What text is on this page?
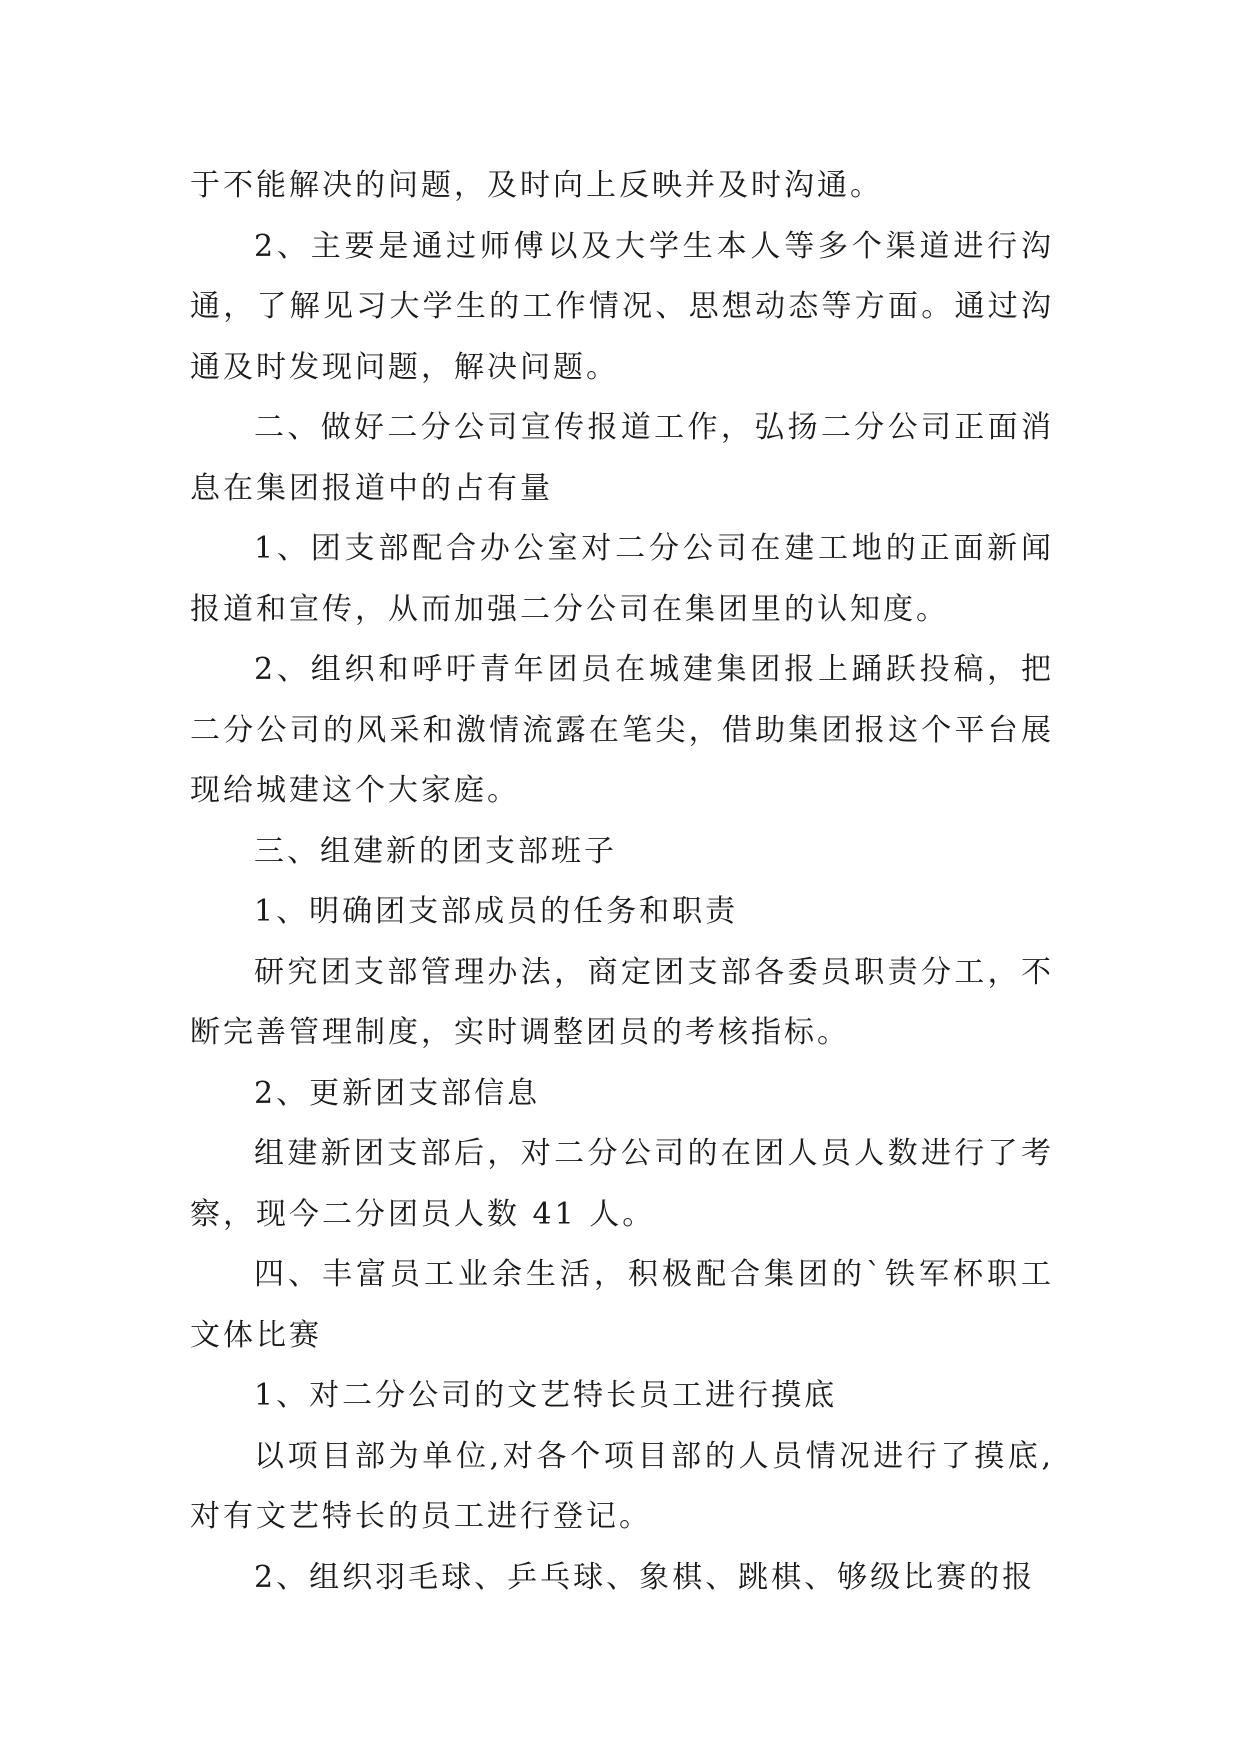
于不能解决的问题，及时向上反映并及时沟通。

2、主要是通过师傅以及大学生本人等多个渠道进行沟通，了解见习大学生的工作情况、思想动态等方面。通过沟通及时发现问题，解决问题。

二、做好二分公司宣传报道工作，弘扬二分公司正面消息在集团报道中的占有量

1、团支部配合办公室对二分公司在建工地的正面新闻报道和宣传，从而加强二分公司在集团里的认知度。

2、组织和呼吁青年团员在城建集团报上踊跃投稿，把二分公司的风采和激情流露在笔尖，借助集团报这个平台展现给城建这个大家庭。

三、组建新的团支部班子

1、明确团支部成员的任务和职责

研究团支部管理办法，商定团支部各委员职责分工，不断完善管理制度，实时调整团员的考核指标。

2、更新团支部信息

组建新团支部后，对二分公司的在团人员人数进行了考察，现今二分团员人数 41 人。

四、丰富员工业余生活，积极配合集团的`铁军杯职工文体比赛

1、对二分公司的文艺特长员工进行摸底

以项目部为单位,对各个项目部的人员情况进行了摸底,对有文艺特长的员工进行登记。

2、组织羽毛球、乒乓球、象棋、跳棋、够级比赛的报
